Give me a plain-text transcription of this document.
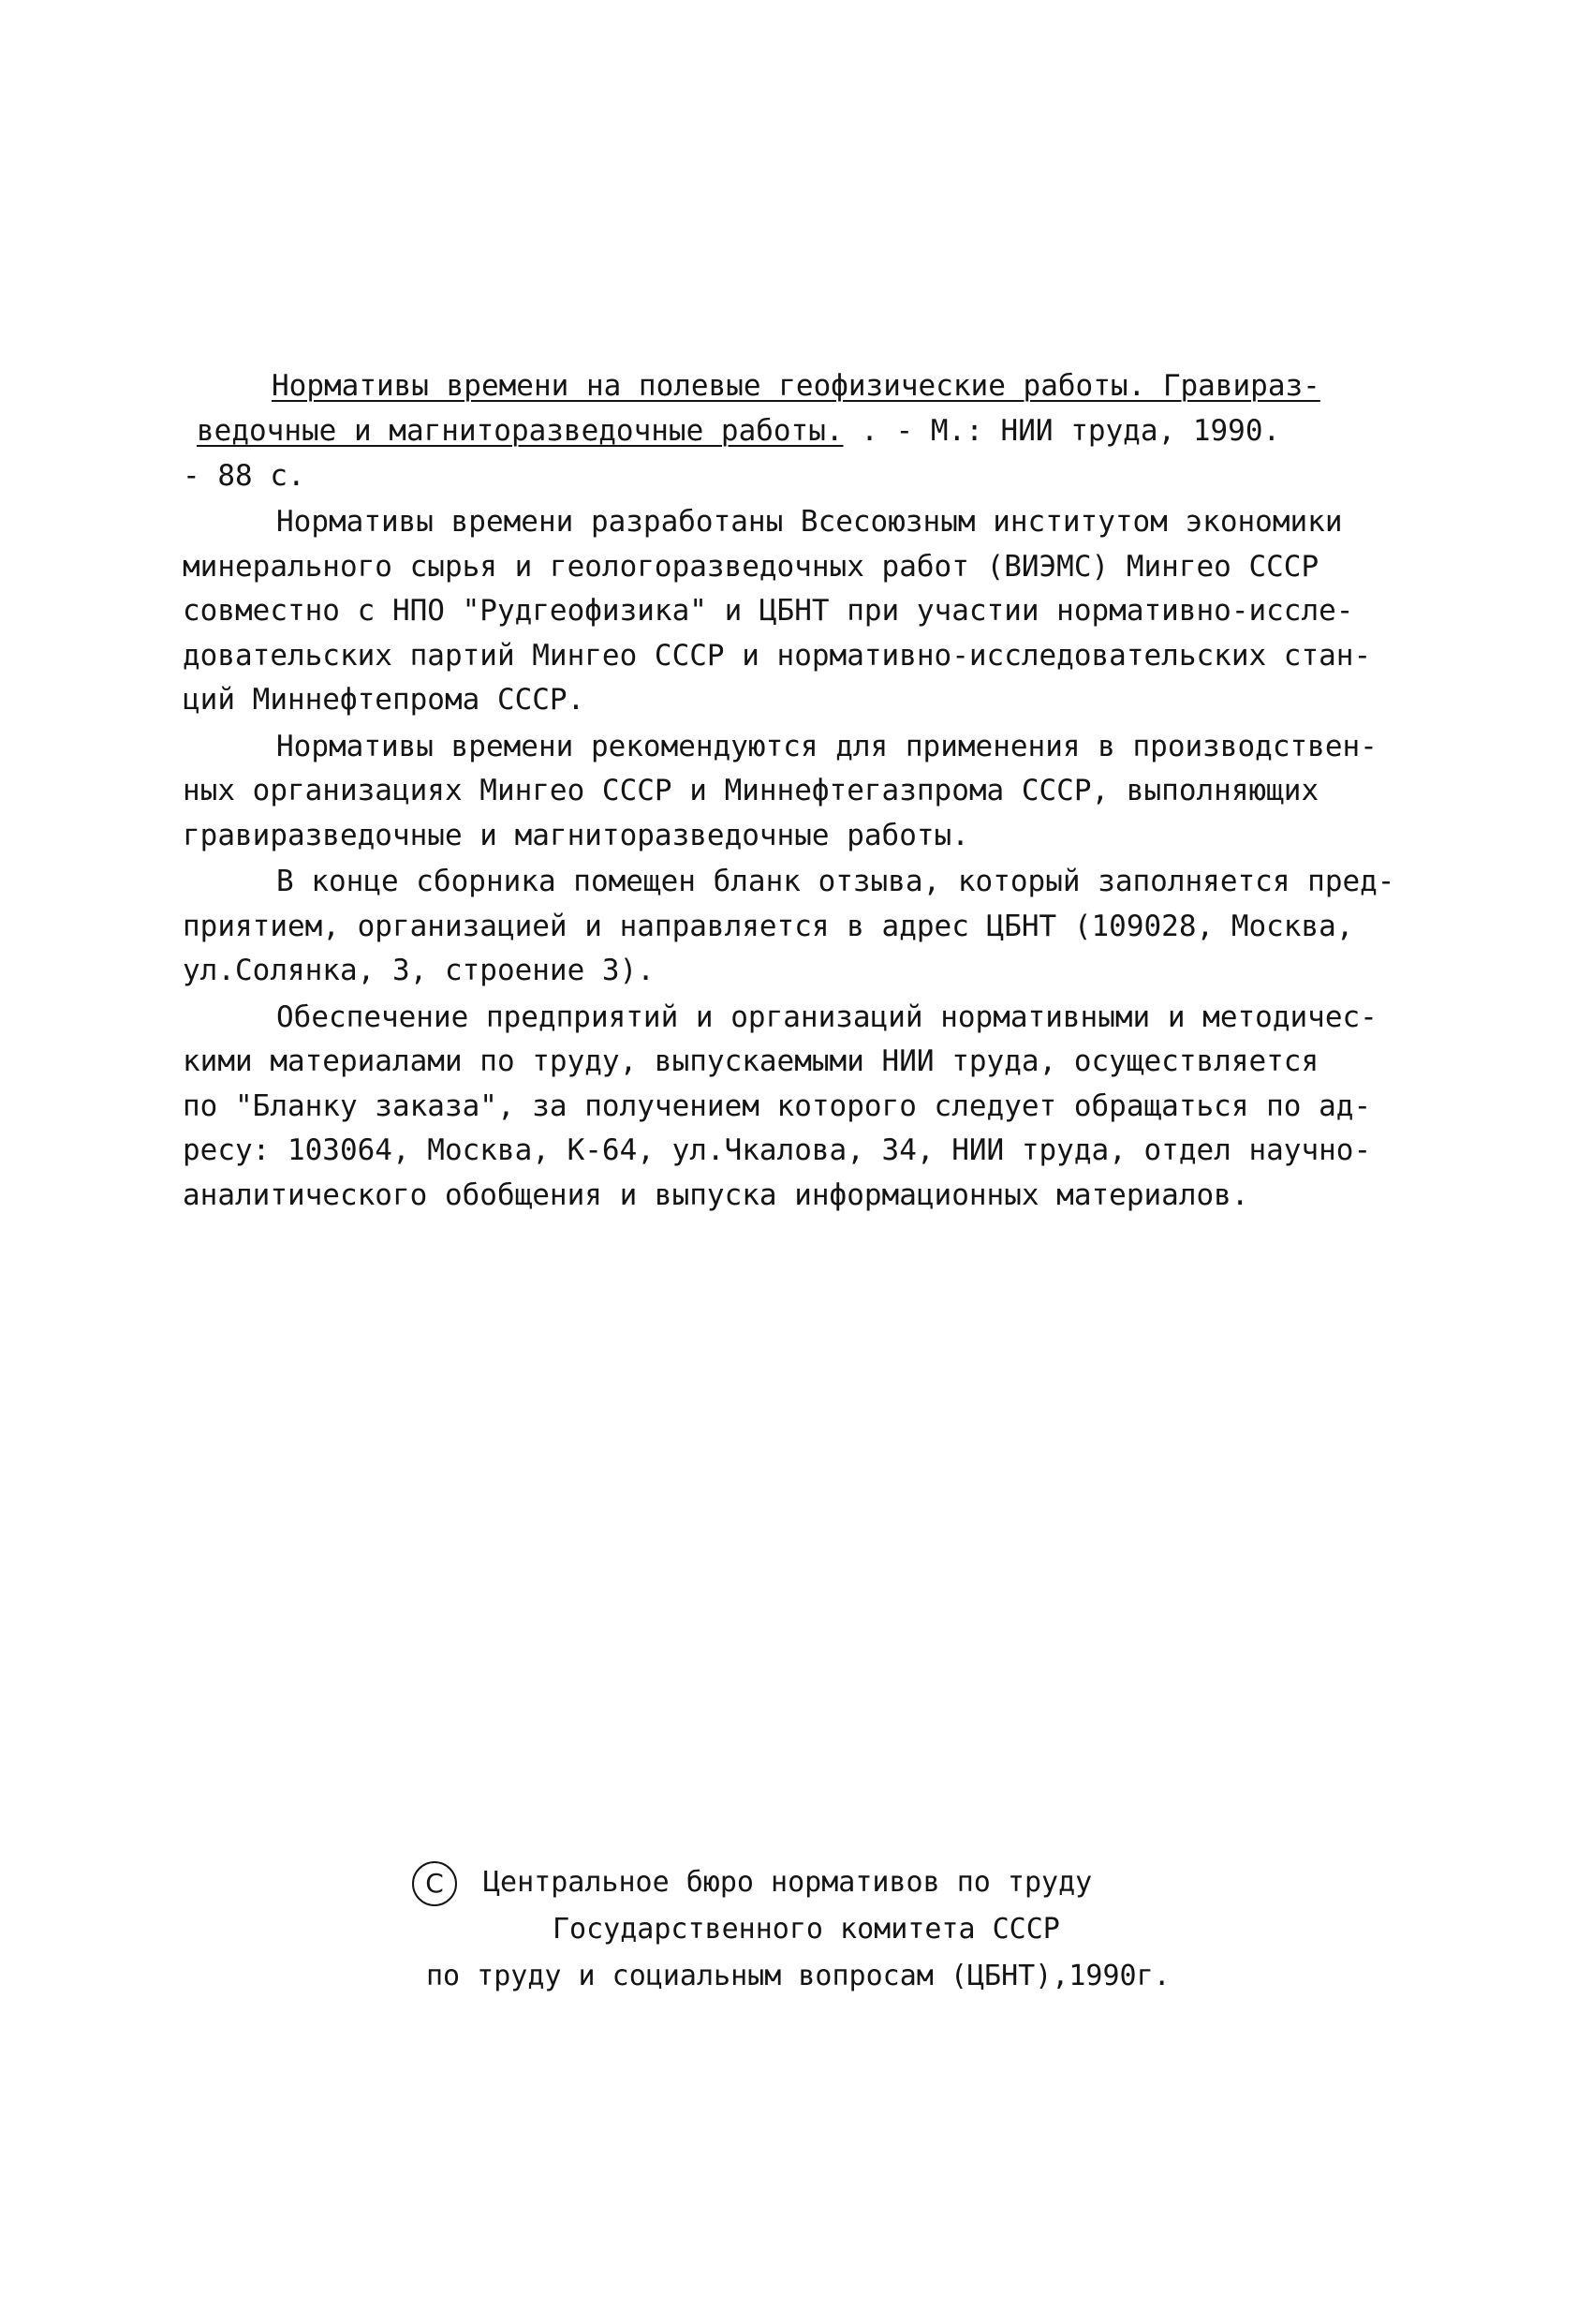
Нормативы времени на полевые геофизические работы. Гравираз-
ведочные и магниторазведочные работы. . - М.: НИИ труда, 1990.
- 88 с.
Нормативы времени разработаны Всесоюзным институтом экономики
минерального сырья и геологоразведочных работ (ВИЭМС) Мингео СССР
совместно с НПО "Рудгеофизика" и ЦБНТ при участии нормативно-иссле-
довательских партий Мингео СССР и нормативно-исследовательских стан-
ций Миннефтепрома СССР.
Нормативы времени рекомендуются для применения в производствен-
ных организациях Мингео СССР и Миннефтегазпрома СССР, выполняющих
гравиразведочные и магниторазведочные работы.
В конце сборника помещен бланк отзыва, который заполняется пред-
приятием, организацией и направляется в адрес ЦБНТ (109028, Москва,
ул.Солянка, 3, строение 3).
Обеспечение предприятий и организаций нормативными и методичес-
кими материалами по труду, выпускаемыми НИИ труда, осуществляется
по "Бланку заказа", за получением которого следует обращаться по ад-
ресу: 103064, Москва, К-64, ул.Чкалова, 34, НИИ труда, отдел научно-
аналитического обобщения и выпуска информационных материалов.
C Центральное бюро нормативов по труду
Государственного комитета СССР
по труду и социальным вопросам (ЦБНТ),1990г.
